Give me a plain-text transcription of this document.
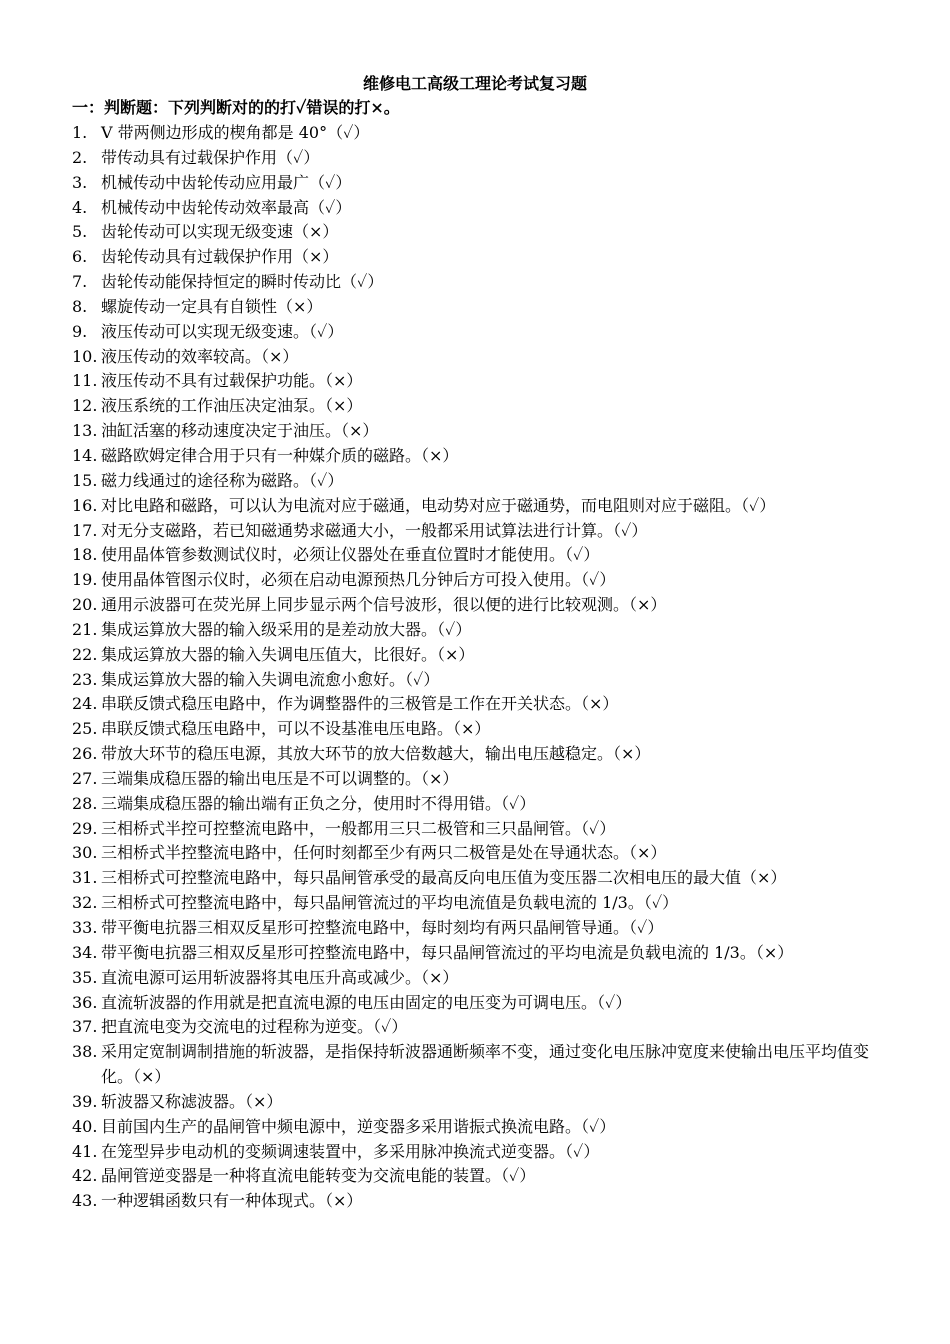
维修电工高级工理论考试复习题
一：判断题：下列判断对的的打✓错误的打×。
1. V 带两侧边形成的楔角都是 40°（✓）
2. 带传动具有过载保护作用（✓）
3. 机械传动中齿轮传动应用最广（✓）
4. 机械传动中齿轮传动效率最高（✓）
5. 齿轮传动可以实现无级变速（×）
6. 齿轮传动具有过载保护作用（×）
7. 齿轮传动能保持恒定的瞬时传动比（✓）
8. 螺旋传动一定具有自锁性（×）
9. 液压传动可以实现无级变速。（✓）
10. 液压传动的效率较高。（×）
11. 液压传动不具有过载保护功能。（×）
12. 液压系统的工作油压决定油泵。（×）
13. 油缸活塞的移动速度决定于油压。（×）
14. 磁路欧姆定律合用于只有一种媒介质的磁路。（×）
15. 磁力线通过的途径称为磁路。（✓）
16. 对比电路和磁路，可以认为电流对应于磁通，电动势对应于磁通势，而电阻则对应于磁阻。（✓）
17. 对无分支磁路，若已知磁通势求磁通大小，一般都采用试算法进行计算。（✓）
18. 使用晶体管参数测试仪时，必须让仪器处在垂直位置时才能使用。（✓）
19. 使用晶体管图示仪时，必须在启动电源预热几分钟后方可投入使用。（✓）
20. 通用示波器可在荧光屏上同步显示两个信号波形，很以便的进行比较观测。（×）
21. 集成运算放大器的输入级采用的是差动放大器。（✓）
22. 集成运算放大器的输入失调电压值大，比很好。（×）
23. 集成运算放大器的输入失调电流愈小愈好。（✓）
24. 串联反馈式稳压电路中，作为调整器件的三极管是工作在开关状态。（×）
25. 串联反馈式稳压电路中，可以不设基准电压电路。（×）
26. 带放大环节的稳压电源，其放大环节的放大倍数越大，输出电压越稳定。（×）
27. 三端集成稳压器的输出电压是不可以调整的。（×）
28. 三端集成稳压器的输出端有正负之分，使用时不得用错。（✓）
29. 三相桥式半控可控整流电路中，一般都用三只二极管和三只晶闸管。（✓）
30. 三相桥式半控整流电路中，任何时刻都至少有两只二极管是处在导通状态。（×）
31. 三相桥式可控整流电路中，每只晶闸管承受的最高反向电压值为变压器二次相电压的最大值（×）
32. 三相桥式可控整流电路中，每只晶闸管流过的平均电流值是负载电流的 1/3。（✓）
33. 带平衡电抗器三相双反星形可控整流电路中，每时刻均有两只晶闸管导通。（✓）
34. 带平衡电抗器三相双反星形可控整流电路中，每只晶闸管流过的平均电流是负载电流的 1/3。（×）
35. 直流电源可运用斩波器将其电压升高或减少。（×）
36. 直流斩波器的作用就是把直流电源的电压由固定的电压变为可调电压。（✓）
37. 把直流电变为交流电的过程称为逆变。（✓）
38. 采用定宽制调制措施的斩波器，是指保持斩波器通断频率不变，通过变化电压脉冲宽度来使输出电压平均值变化。（×）
39. 斩波器又称滤波器。（×）
40. 目前国内生产的晶闸管中频电源中，逆变器多采用谐振式换流电路。（✓）
41. 在笼型异步电动机的变频调速装置中，多采用脉冲换流式逆变器。（✓）
42. 晶闸管逆变器是一种将直流电能转变为交流电能的装置。（✓）
43. 一种逻辑函数只有一种体现式。（×）
